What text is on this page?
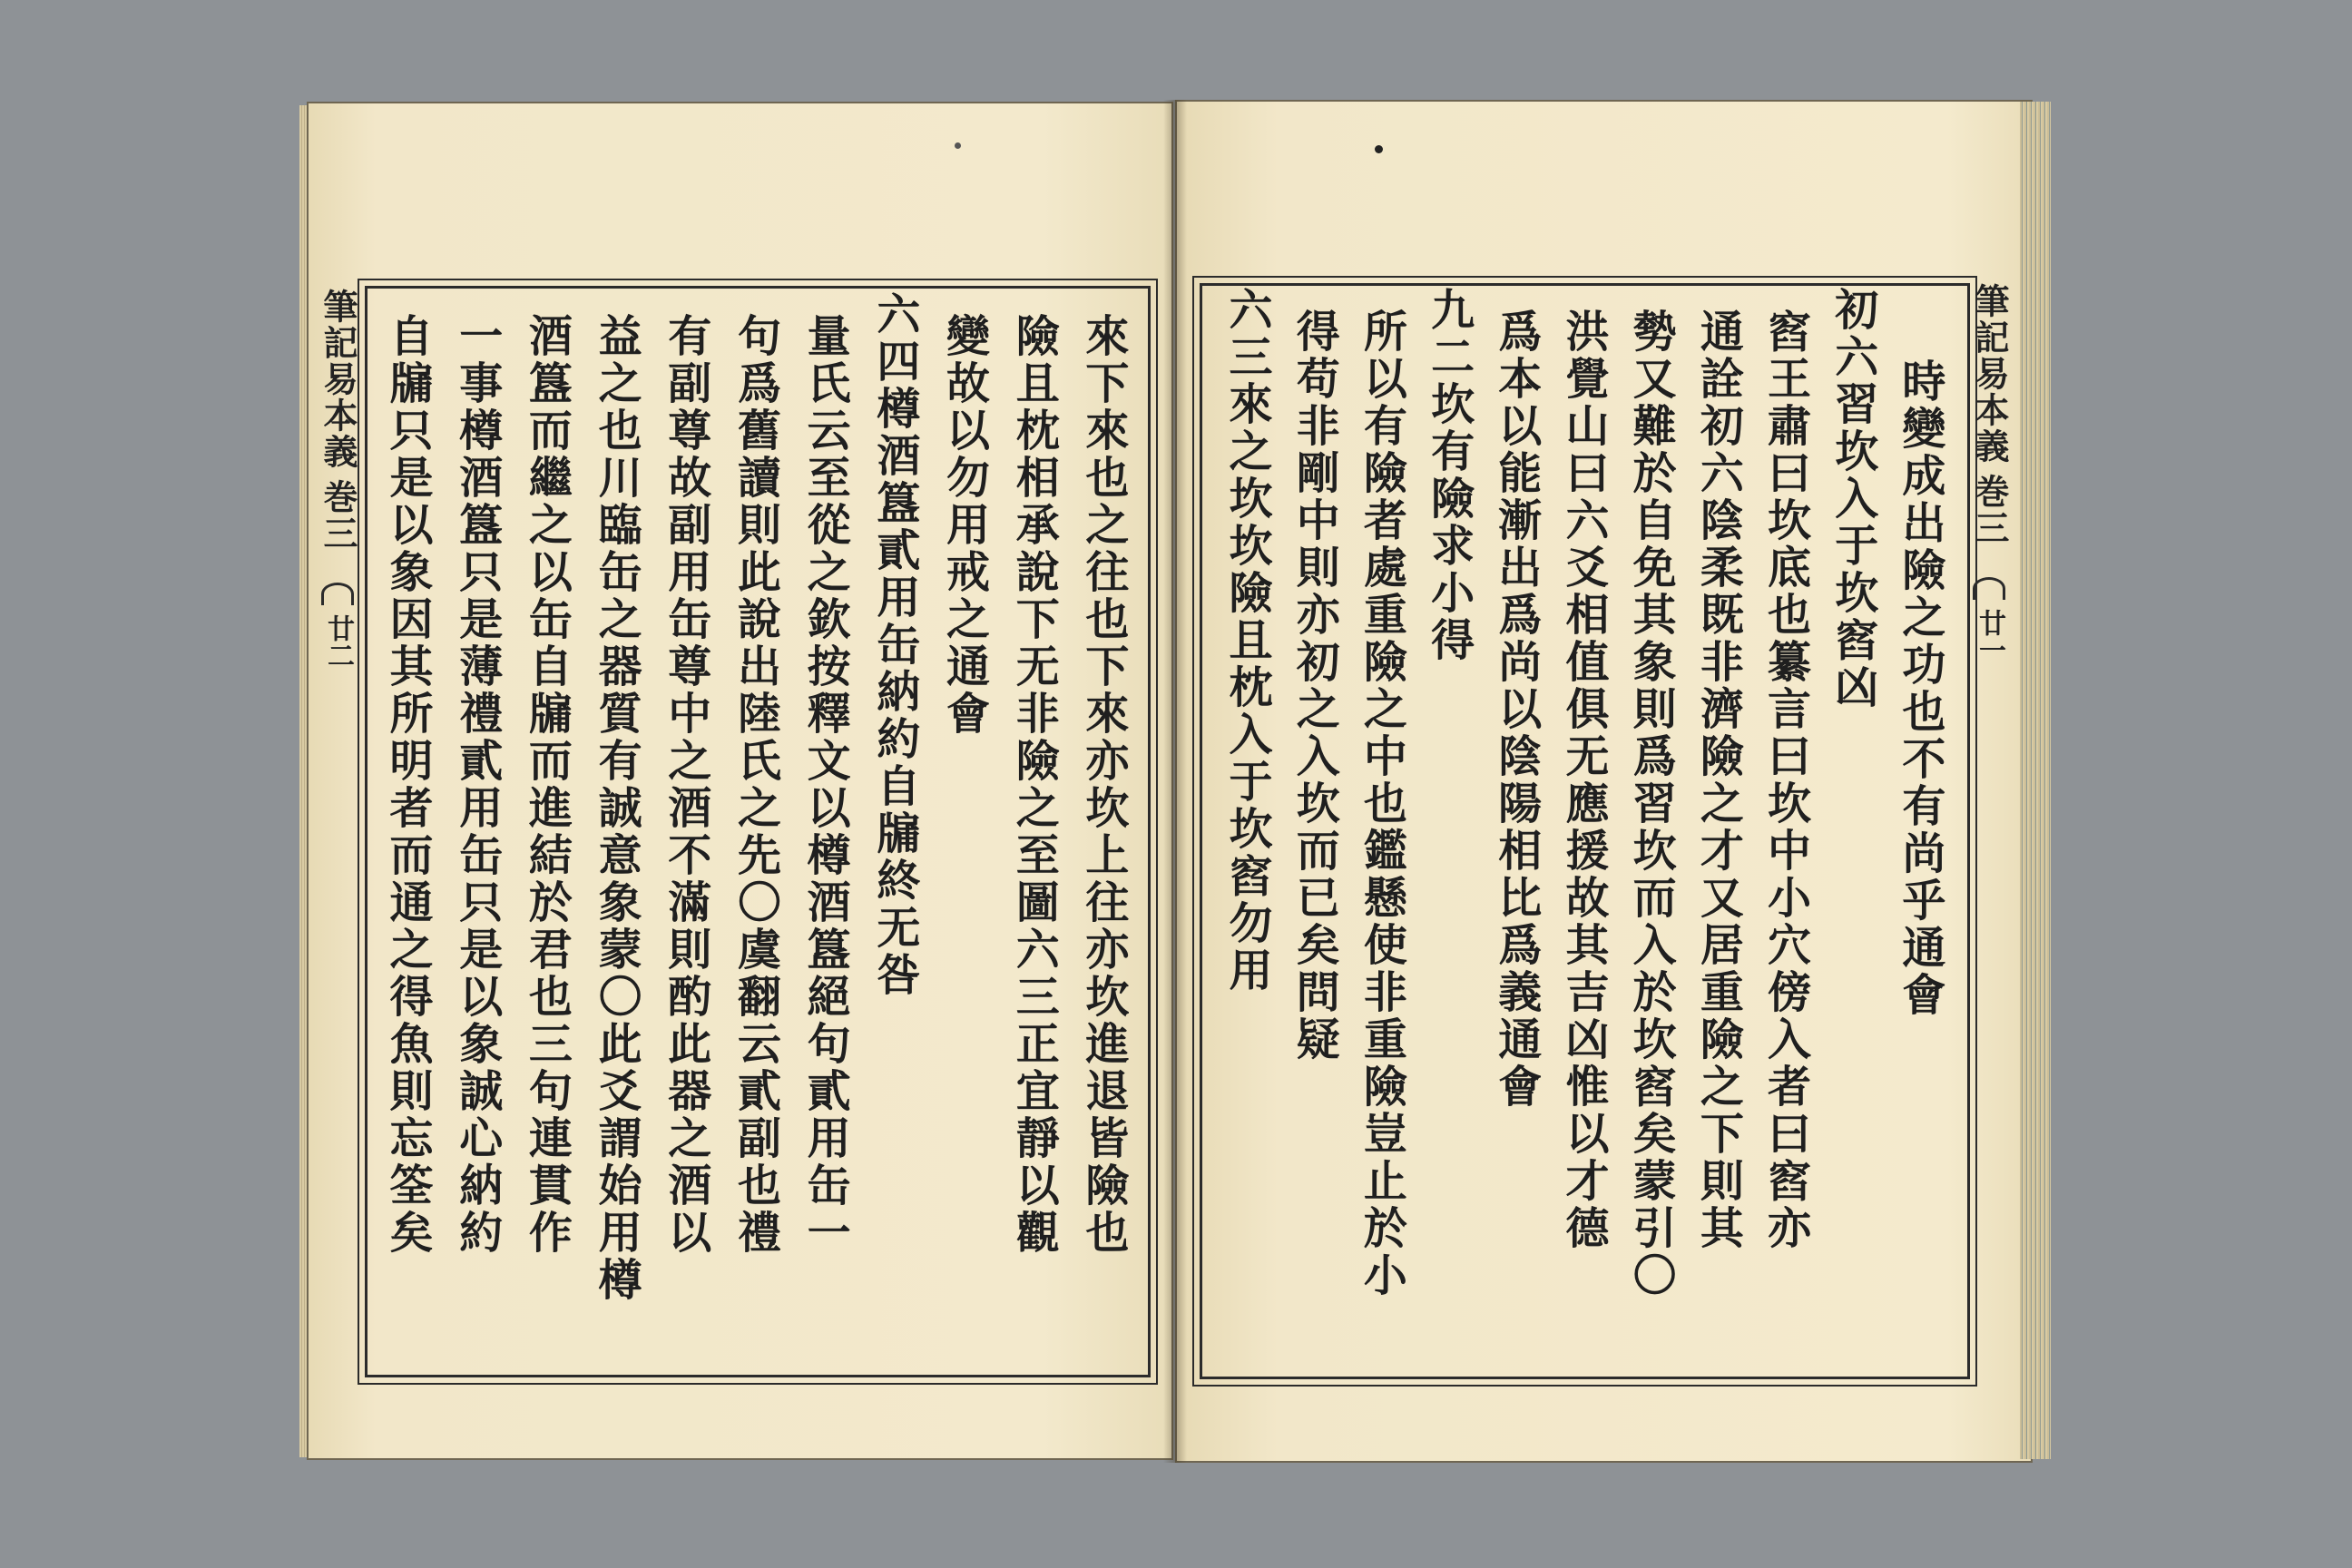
筆記易本義
巻三
廿二	來下來也之往也下來亦坎上往亦坎進退皆險也
險且枕相承說下无非險之至圖六三正宜靜以觀
變故以勿用戒之通會
六四樽酒簋貳用缶納約自牖終无咎
量氏云至從之欽按釋文以樽酒簋絕句貳用缶一
句爲舊讀則此說出陸氏之先〇虞翻云貳副也禮
有副尊故副用缶尊中之酒不滿則酌此器之酒以
益之也川臨缶之器質有誠意象蒙〇此爻謂始用樽
酒簋而繼之以缶自牖而進結於君也三句連貫作
一事樽酒簋只是薄禮貳用缶只是以象誠心納約
自牖只是以象因其所明者而通之得魚則忘筌矣	筆記易本義
巻三
廿一
時變成出險之功也不有尚乎通會
初六習坎入于坎窞凶
窞王肅曰坎底也纂言曰坎中小穴傍入者曰窞亦
通詮初六陰柔既非濟險之才又居重險之下則其
勢又難於自免其象則爲習坎而入於坎窞矣蒙引〇
洪覺山曰六爻相值俱无應援故其吉凶惟以才德
爲本以能漸出爲尚以陰陽相比爲義通會
九二坎有險求小得
所以有險者處重險之中也鑑懸使非重險豈止於小
得苟非剛中則亦初之入坎而已矣問疑
六三來之坎坎險且枕入于坎窞勿用
